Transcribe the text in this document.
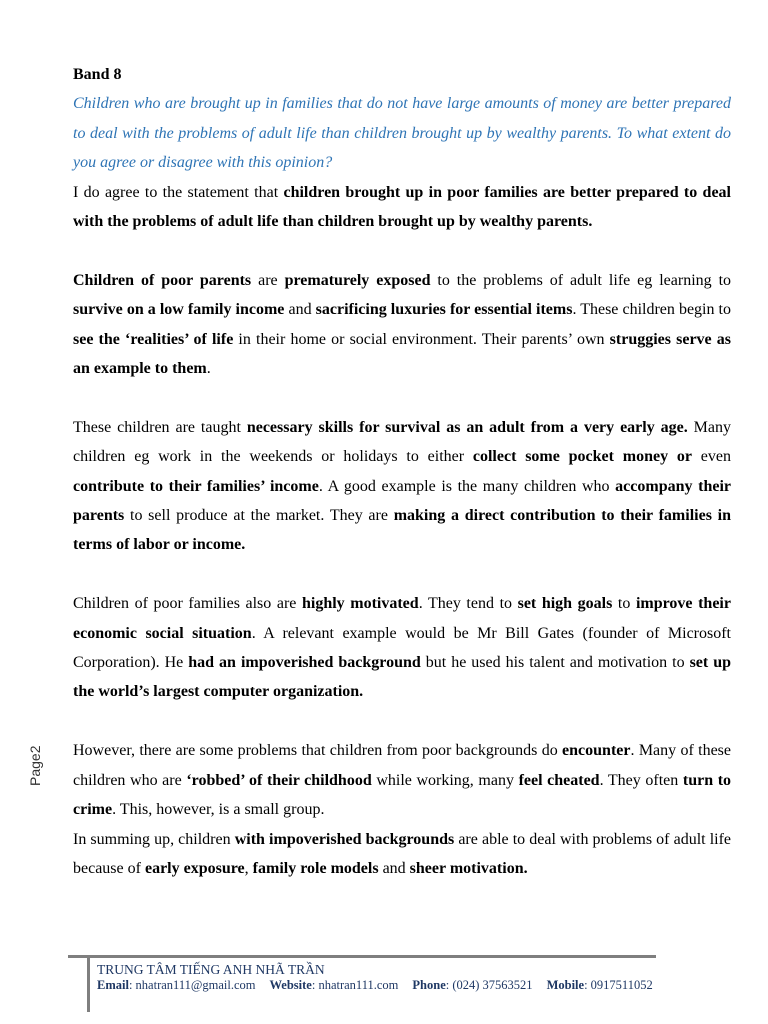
Page2

Band 8

Children who are brought up in families that do not have large amounts of money are better prepared to deal with the problems of adult life than children brought up by wealthy parents. To what extent do you agree or disagree with this opinion?

I do agree to the statement that children brought up in poor families are better prepared to deal with the problems of adult life than children brought up by wealthy parents.

Children of poor parents are prematurely exposed to the problems of adult life eg learning to survive on a low family income and sacrificing luxuries for essential items. These children begin to see the ‘realities’ of life in their home or social environment. Their parents’ own struggies serve as an example to them.

These children are taught necessary skills for survival as an adult from a very early age. Many children eg work in the weekends or holidays to either collect some pocket money or even contribute to their families’ income. A good example is the many children who accompany their parents to sell produce at the market. They are making a direct contribution to their families in terms of labor or income.

Children of poor families also are highly motivated. They tend to set high goals to improve their economic social situation. A relevant example would be Mr Bill Gates (founder of Microsoft Corporation). He had an impoverished background but he used his talent and motivation to set up the world’s largest computer organization.

However, there are some problems that children from poor backgrounds do encounter. Many of these children who are ‘robbed’ of their childhood while working, many feel cheated. They often turn to crime. This, however, is a small group.

In summing up, children with impoverished backgrounds are able to deal with problems of adult life because of early exposure, family role models and sheer motivation.

TRUNG TÂM TIẾNG ANH NHÃ TRẦN
Email: nhatran111@gmail.com Website: nhatran111.com Phone: (024) 37563521 Mobile: 0917511052
